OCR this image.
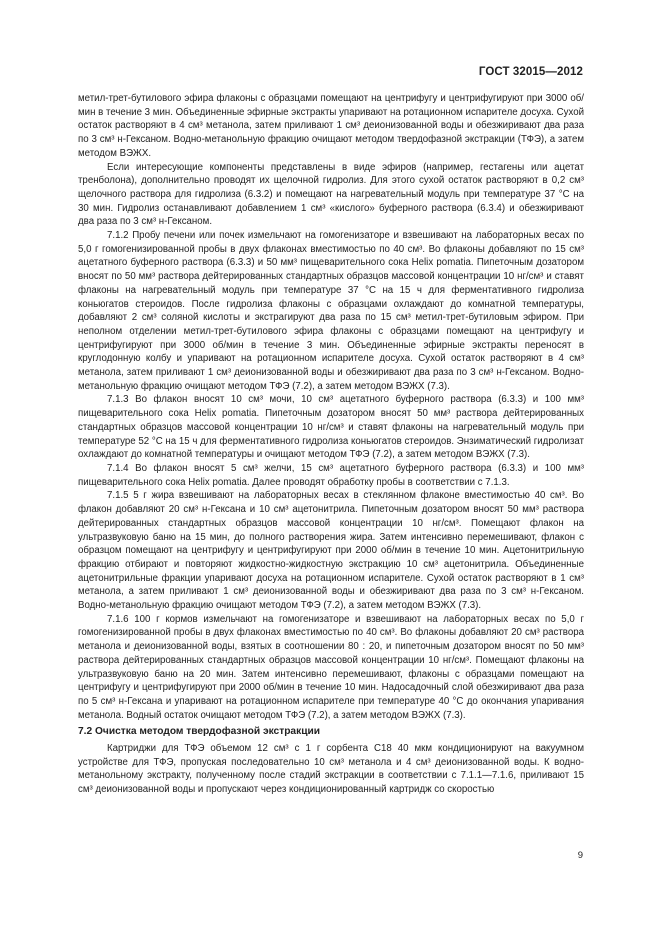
ГОСТ 32015—2012

метил-трет-бутилового эфира флаконы с образцами помещают на центрифугу и центрифугируют при 3000 об/мин в течение 3 мин. Объединенные эфирные экстракты упаривают на ротационном испарителе досуха. Сухой остаток растворяют в 4 см³ метанола, затем приливают 1 см³ деионизованной воды и обезжиривают два раза по 3 см³ н-Гексаном. Водно-метанольную фракцию очищают методом твердофазной экстракции (ТФЭ), а затем методом ВЭЖХ.

Если интересующие компоненты представлены в виде эфиров (например, гестагены или ацетат тренболона), дополнительно проводят их щелочной гидролиз. Для этого сухой остаток растворяют в 0,2 см³ щелочного раствора для гидролиза (6.3.2) и помещают на нагревательный модуль при температуре 37 °С на 30 мин. Гидролиз останавливают добавлением 1 см³ «кислого» буферного раствора (6.3.4) и обезжиривают два раза по 3 см³ н-Гексаном.

7.1.2 Пробу печени или почек измельчают на гомогенизаторе и взвешивают на лабораторных весах по 5,0 г гомогенизированной пробы в двух флаконах вместимостью по 40 см³. Во флаконы добавляют по 15 см³ ацетатного буферного раствора (6.3.3) и 50 мм³ пищеварительного сока Helix pomatia. Пипеточным дозатором вносят по 50 мм³ раствора дейтерированных стандартных образцов массовой концентрации 10 нг/см³ и ставят флаконы на нагревательный модуль при температуре 37 °С на 15 ч для ферментативного гидролиза коньюгатов стероидов. После гидролиза флаконы с образцами охлаждают до комнатной температуры, добавляют 2 см³ соляной кислоты и экстрагируют два раза по 15 см³ метил-трет-бутиловым эфиром. При неполном отделении метил-трет-бутилового эфира флаконы с образцами помещают на центрифугу и центрифугируют при 3000 об/мин в течение 3 мин. Объединенные эфирные экстракты переносят в круглодонную колбу и упаривают на ротационном испарителе досуха. Сухой остаток растворяют в 4 см³ метанола, затем приливают 1 см³ деионизованной воды и обезжиривают два раза по 3 см³ н-Гексаном. Водно-метанольную фракцию очищают методом ТФЭ (7.2), а затем методом ВЭЖХ (7.3).

7.1.3 Во флакон вносят 10 см³ мочи, 10 см³ ацетатного буферного раствора (6.3.3) и 100 мм³ пищеварительного сока Helix pomatia. Пипеточным дозатором вносят 50 мм³ раствора дейтерированных стандартных образцов массовой концентрации 10 нг/см³ и ставят флаконы на нагревательный модуль при температуре 52 °С на 15 ч для ферментативного гидролиза коньюгатов стероидов. Энзиматический гидролизат охлаждают до комнатной температуры и очищают методом ТФЭ (7.2), а затем методом ВЭЖХ (7.3).

7.1.4 Во флакон вносят 5 см³ желчи, 15 см³ ацетатного буферного раствора (6.3.3) и 100 мм³ пищеварительного сока Helix pomatia. Далее проводят обработку пробы в соответствии с 7.1.3.

7.1.5 5 г жира взвешивают на лабораторных весах в стеклянном флаконе вместимостью 40 см³. Во флакон добавляют 20 см³ н-Гексана и 10 см³ ацетонитрила. Пипеточным дозатором вносят 50 мм³ раствора дейтерированных стандартных образцов массовой концентрации 10 нг/см³. Помещают флакон на ультразвуковую баню на 15 мин, до полного растворения жира. Затем интенсивно перемешивают, флакон с образцом помещают на центрифугу и центрифугируют при 2000 об/мин в течение 10 мин. Ацетонитрильную фракцию отбирают и повторяют жидкостно-жидкостную экстракцию 10 см³ ацетонитрила. Объединенные ацетонитрильные фракции упаривают досуха на ротационном испарителе. Сухой остаток растворяют в 1 см³ метанола, а затем приливают 1 см³ деионизованной воды и обезжиривают два раза по 3 см³ н-Гексаном. Водно-метанольную фракцию очищают методом ТФЭ (7.2), а затем методом ВЭЖХ (7.3).

7.1.6 100 г кормов измельчают на гомогенизаторе и взвешивают на лабораторных весах по 5,0 г гомогенизированной пробы в двух флаконах вместимостью по 40 см³. Во флаконы добавляют 20 см³ раствора метанола и деионизованной воды, взятых в соотношении 80 : 20, и пипеточным дозатором вносят по 50 мм³ раствора дейтерированных стандартных образцов массовой концентрации 10 нг/см³. Помещают флаконы на ультразвуковую баню на 20 мин. Затем интенсивно перемешивают, флаконы с образцами помещают на центрифугу и центрифугируют при 2000 об/мин в течение 10 мин. Надосадочный слой обезжиривают два раза по 5 см³ н-Гексана и упаривают на ротационном испарителе при температуре 40 °С до окончания упаривания метанола. Водный остаток очищают методом ТФЭ (7.2), а затем методом ВЭЖХ (7.3).

7.2 Очистка методом твердофазной экстракции

Картриджи для ТФЭ объемом 12 см³ с 1 г сорбента С18 40 мкм кондиционируют на вакуумном устройстве для ТФЭ, пропуская последовательно 10 см³ метанола и 4 см³ деионизованной воды. К водно-метанольному экстракту, полученному после стадий экстракции в соответствии с 7.1.1—7.1.6, приливают 15 см³ деионизованной воды и пропускают через кондиционированный картридж со скоростью

9
